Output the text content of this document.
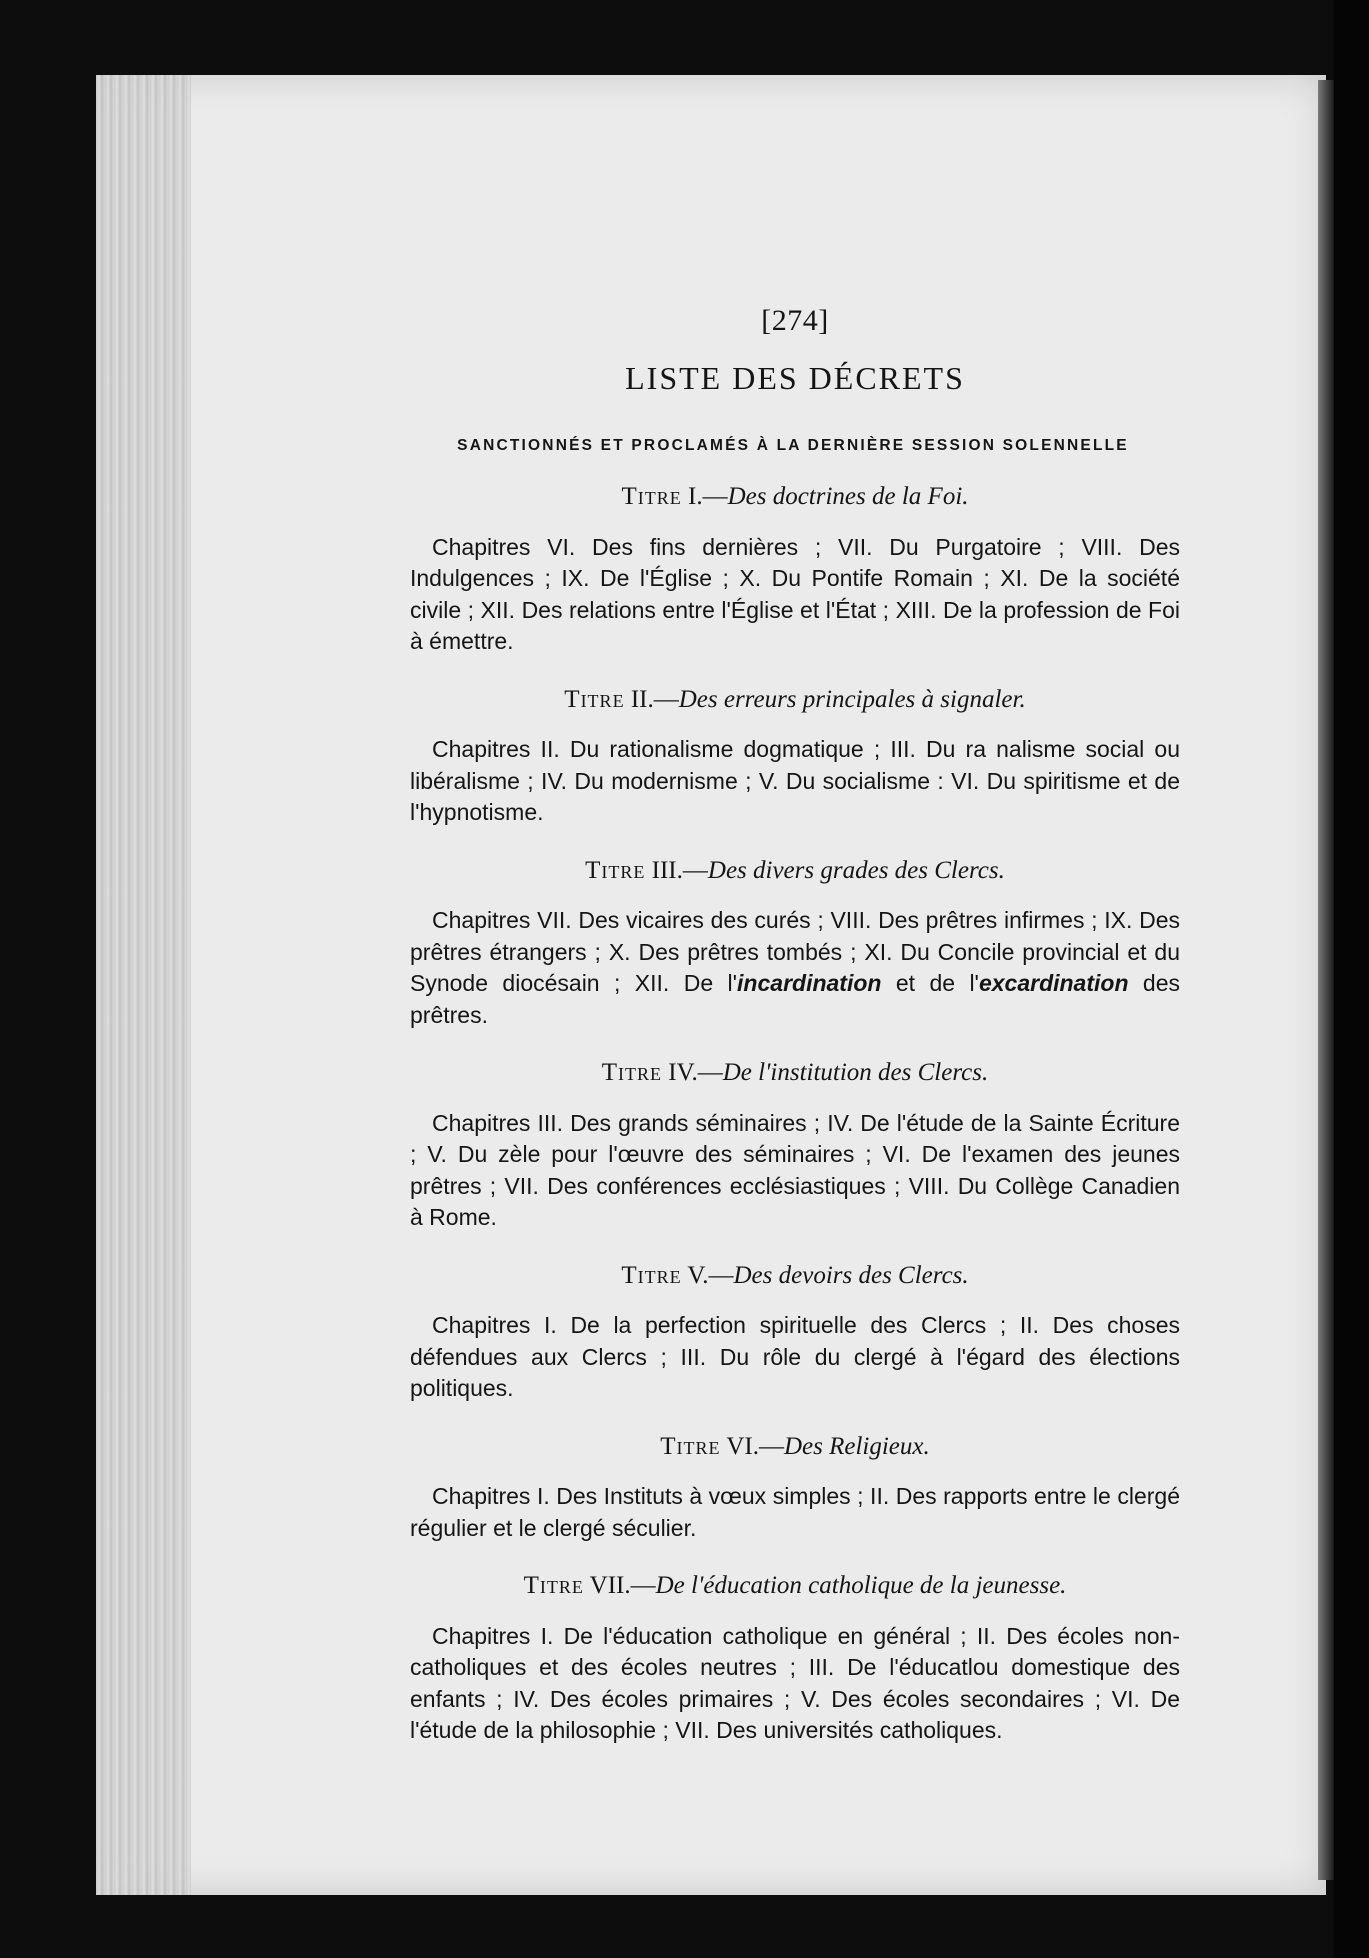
[274]

LISTE DES DÉCRETS

SANCTIONNÉS ET PROCLAMÉS À LA DERNIÈRE SESSION SOLENNELLE

Titre I.—Des doctrines de la Foi.

Chapitres VI. Des fins dernières ; VII. Du Purgatoire ; VIII. Des Indulgences ; IX. De l'Église ; X. Du Pontife Romain ; XI. De la société civile ; XII. Des relations entre l'Église et l'État ; XIII. De la profession de Foi à émettre.

Titre II.—Des erreurs principales à signaler.

Chapitres II. Du rationalisme dogmatique ; III. Du ra nalisme social ou libéralisme ; IV. Du modernisme ; V. Du socialisme : VI. Du spiritisme et de l'hypnotisme.

Titre III.—Des divers grades des Clercs.

Chapitres VII. Des vicaires des curés ; VIII. Des prêtres infirmes ; IX. Des prêtres étrangers ; X. Des prêtres tombés ; XI. Du Concile provincial et du Synode diocésain ; XII. De l'incardination et de l'excardination des prêtres.

Titre IV.—De l'institution des Clercs.

Chapitres III. Des grands séminaires ; IV. De l'étude de la Sainte Écriture ; V. Du zèle pour l'œuvre des séminaires ; VI. De l'examen des jeunes prêtres ; VII. Des conférences ecclésiastiques ; VIII. Du Collège Canadien à Rome.

Titre V.—Des devoirs des Clercs.

Chapitres I. De la perfection spirituelle des Clercs ; II. Des choses défendues aux Clercs ; III. Du rôle du clergé à l'égard des élections politiques.

Titre VI.—Des Religieux.

Chapitres I. Des Instituts à vœux simples ; II. Des rapports entre le clergé régulier et le clergé séculier.

Titre VII.—De l'éducation catholique de la jeunesse.

Chapitres I. De l'éducation catholique en général ; II. Des écoles non-catholiques et des écoles neutres ; III. De l'éducatlou domestique des enfants ; IV. Des écoles primaires ; V. Des écoles secondaires ; VI. De l'étude de la philosophie ; VII. Des universités catholiques.
